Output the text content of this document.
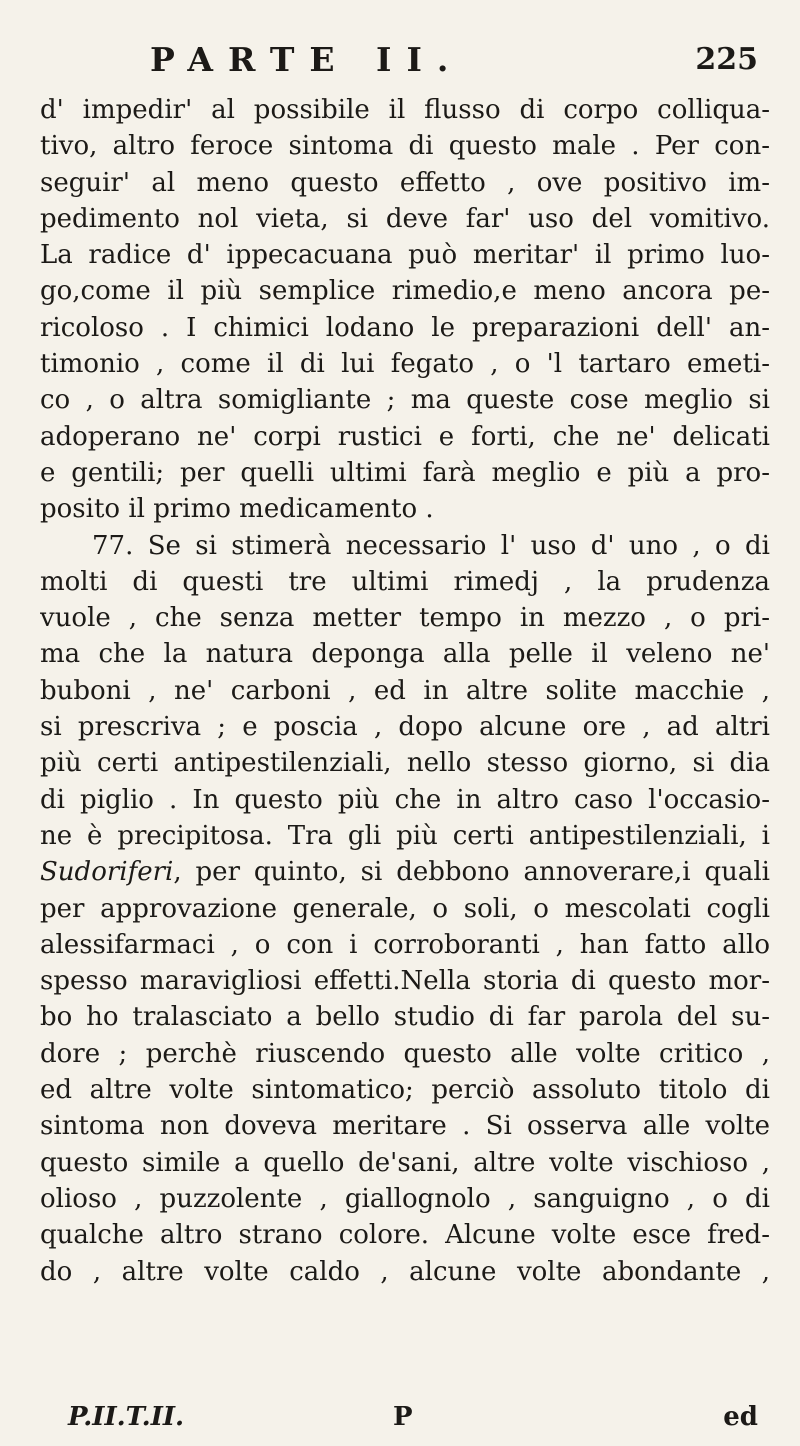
PARTE II.	225
d' impedir' al possibile il flusso di corpo colliqua-
tivo, altro feroce sintoma di questo male . Per con-
seguir' al meno questo effetto , ove positivo im-
pedimento nol vieta, si deve far' uso del vomitivo.
La radice d' ippecacuana può meritar' il primo luo-
go,come il più semplice rimedio,e meno ancora pe-
ricoloso . I chimici lodano le preparazioni dell' an-
timonio , come il di lui fegato , o 'l tartaro emeti-
co , o altra somigliante ; ma queste cose meglio si
adoperano ne' corpi rustici e forti, che ne' delicati
e gentili; per quelli ultimi farà meglio e più a pro-
posito il primo medicamento .
77. Se si stimerà necessario l' uso d' uno , o di
molti di questi tre ultimi rimedj , la prudenza
vuole , che senza metter tempo in mezzo , o pri-
ma che la natura deponga alla pelle il veleno ne'
buboni , ne' carboni , ed in altre solite macchie ,
si prescriva ; e poscia , dopo alcune ore , ad altri
più certi antipestilenziali, nello stesso giorno, si dia
di piglio . In questo più che in altro caso l'occasio-
ne è precipitosa. Tra gli più certi antipestilenziali, i
Sudoriferi, per quinto, si debbono annoverare,i quali
per approvazione generale, o soli, o mescolati cogli
alessifarmaci , o con i corroboranti , han fatto allo
spesso maravigliosi effetti.Nella storia di questo mor-
bo ho tralasciato a bello studio di far parola del su-
dore ; perchè riuscendo questo alle volte critico ,
ed altre volte sintomatico; perciò assoluto titolo di
sintoma non doveva meritare . Si osserva alle volte
questo simile a quello de'sani, altre volte vischioso ,
olioso , puzzolente , giallognolo , sanguigno , o di
qualche altro strano colore. Alcune volte esce fred-
do , altre volte caldo , alcune volte abondante ,
P.II.T.II.	P	ed
